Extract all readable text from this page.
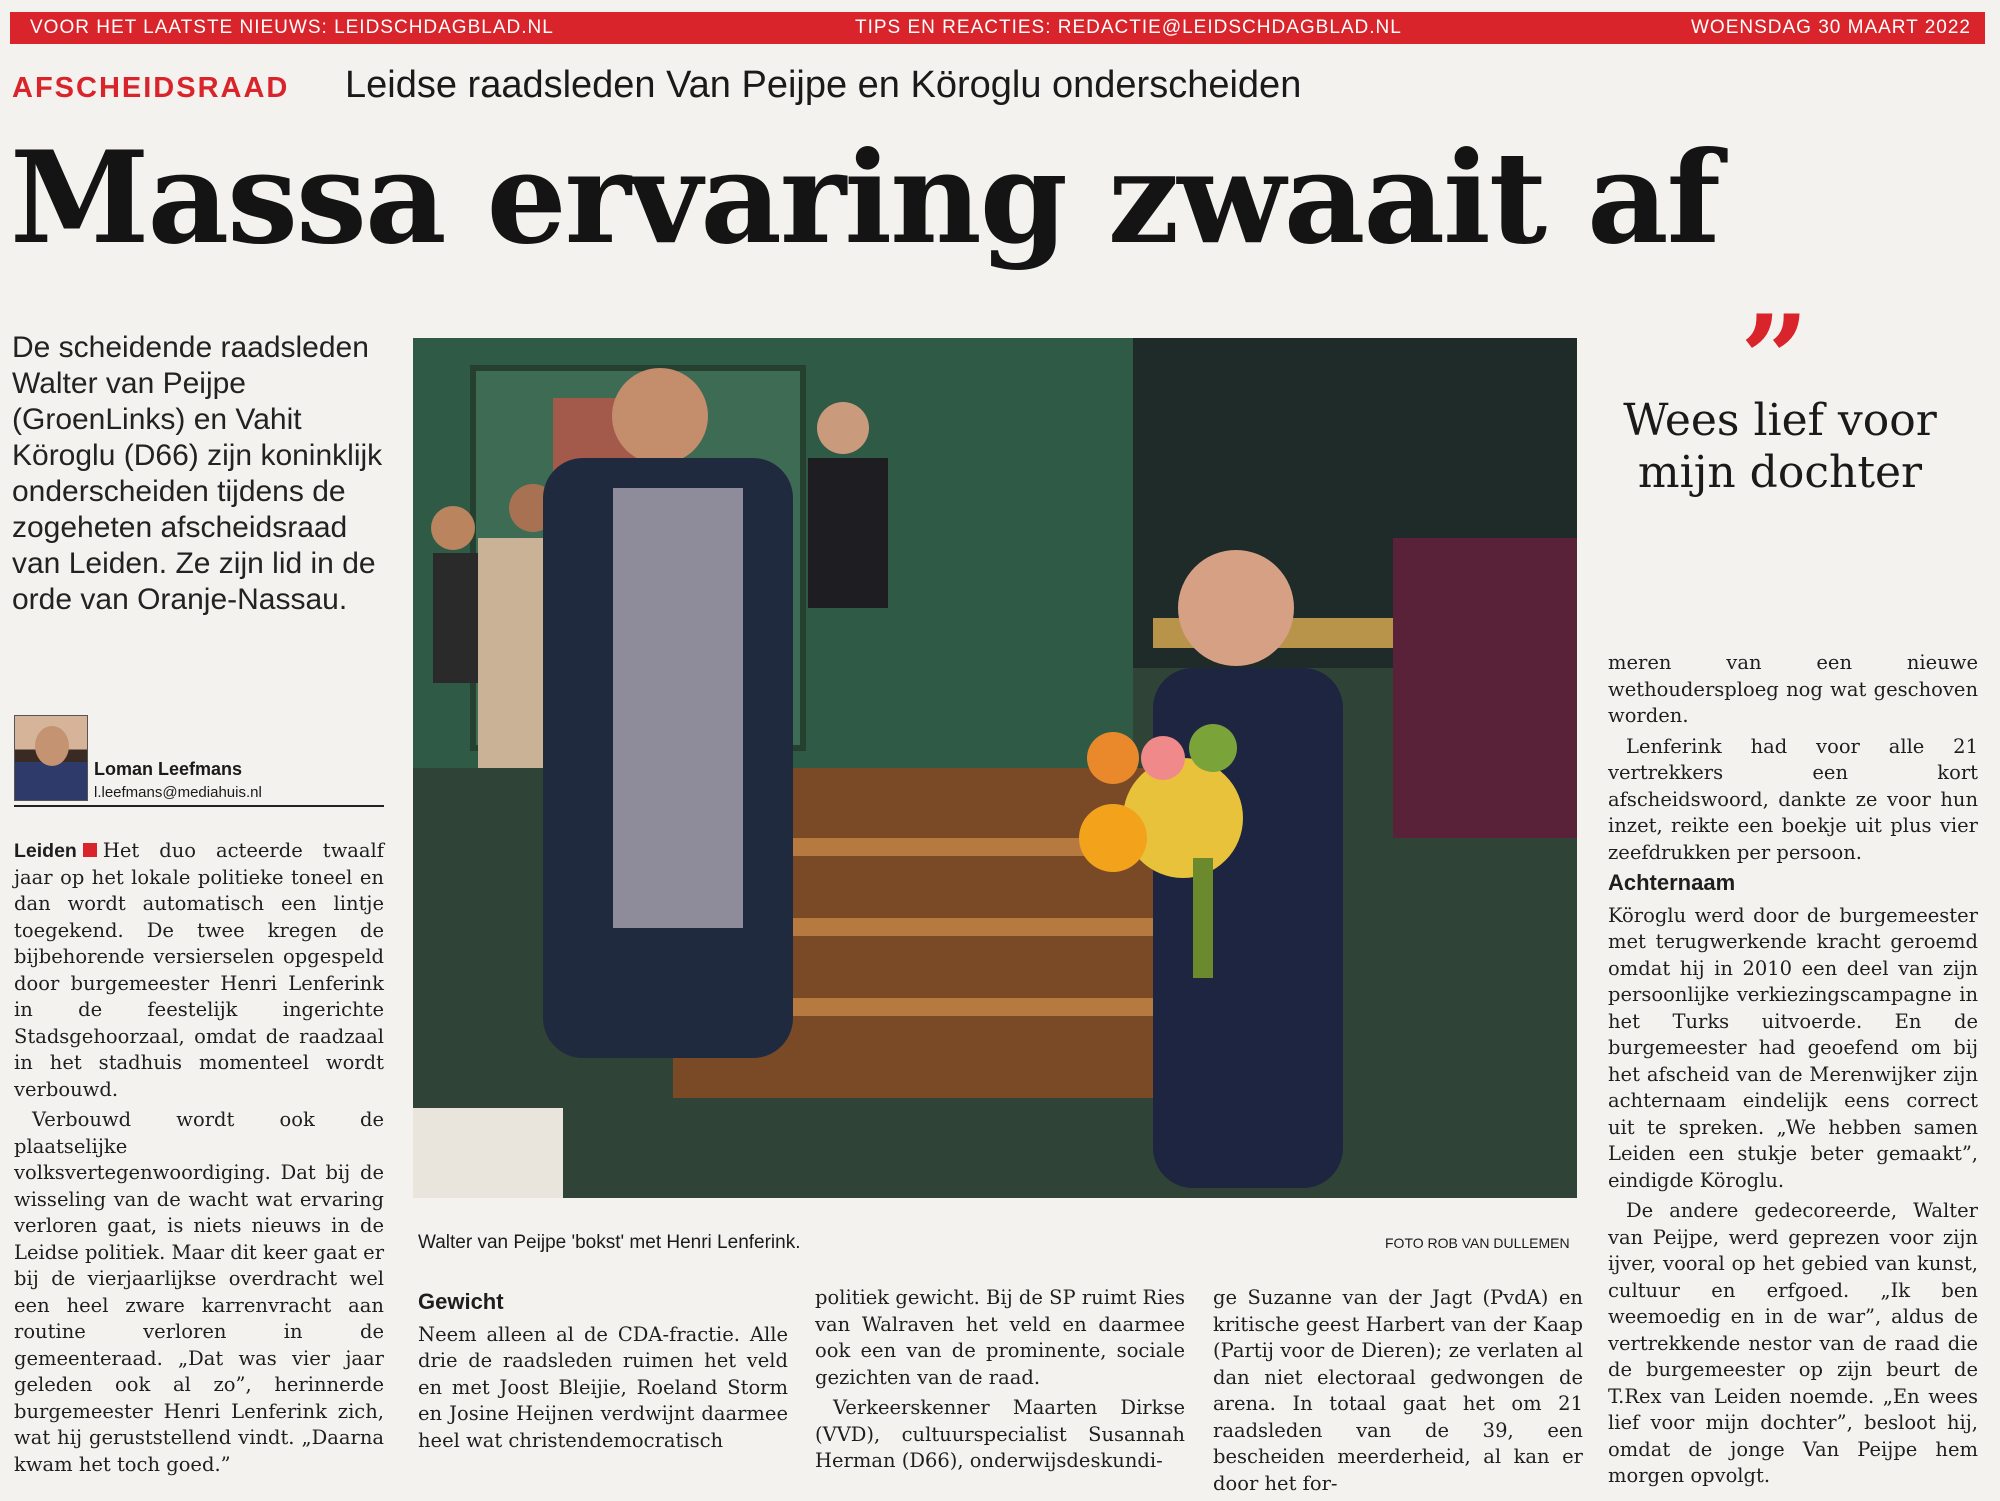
VOOR HET LAATSTE NIEUWS: LEIDSCHDAGBLAD.NL	TIPS EN REACTIES: REDACTIE@LEIDSCHDAGBLAD.NL	WOENSDAG 30 MAART 2022
AFSCHEIDSRAAD Leidse raadsleden Van Peijpe en Köroglu onderscheiden
Massa ervaring zwaait af
De scheidende raadsleden Walter van Peijpe (GroenLinks) en Vahit Köroglu (D66) zijn koninklijk onderscheiden tijdens de zogeheten afscheidsraad van Leiden. Ze zijn lid in de orde van Oranje-Nassau.
Loman Leefmans
l.leefmans@mediahuis.nl

Leiden Het duo acteerde twaalf jaar op het lokale politieke toneel en dan wordt automatisch een lintje toegekend. De twee kregen de bijbehorende versierselen opgespeld door burgemeester Henri Lenferink in de feestelijk ingerichte Stadsgehoorzaal, omdat de raadzaal in het stadhuis momenteel wordt verbouwd.

Verbouwd wordt ook de plaatselijke volksvertegenwoordiging. Dat bij de wisseling van de wacht wat ervaring verloren gaat, is niets nieuws in de Leidse politiek. Maar dit keer gaat er bij de vierjaarlijkse overdracht wel een heel zware karrenvracht aan routine verloren in de gemeenteraad. „Dat was vier jaar geleden ook al zo”, herinnerde burgemeester Henri Lenferink zich, wat hij geruststellend vindt. „Daarna kwam het toch goed.”

Walter van Peijpe 'bokst' met Henri Lenferink.	FOTO ROB VAN DULLEMEN
”
Wees lief voor mijn dochter
Gewicht

Neem alleen al de CDA-fractie. Alle drie de raadsleden ruimen het veld en met Joost Bleijie, Roeland Storm en Josine Heijnen verdwijnt daarmee heel wat christendemocratisch

politiek gewicht. Bij de SP ruimt Ries van Walraven het veld en daarmee ook een van de prominente, sociale gezichten van de raad.

Verkeerskenner Maarten Dirkse (VVD), cultuurspecialist Susannah Herman (D66), onderwijsdeskundi-

ge Suzanne van der Jagt (PvdA) en kritische geest Harbert van der Kaap (Partij voor de Dieren); ze verlaten al dan niet electoraal gedwongen de arena. In totaal gaat het om 21 raadsleden van de 39, een bescheiden meerderheid, al kan er door het for-

meren van een nieuwe wethoudersploeg nog wat geschoven worden.

Lenferink had voor alle 21 vertrekkers een kort afscheidswoord, dankte ze voor hun inzet, reikte een boekje uit plus vier zeefdrukken per persoon.

Achternaam

Köroglu werd door de burgemeester met terugwerkende kracht geroemd omdat hij in 2010 een deel van zijn persoonlijke verkiezingscampagne in het Turks uitvoerde. En de burgemeester had geoefend om bij het afscheid van de Merenwijker zijn achternaam eindelijk eens correct uit te spreken. „We hebben samen Leiden een stukje beter gemaakt”, eindigde Köroglu.

De andere gedecoreerde, Walter van Peijpe, werd geprezen voor zijn ijver, vooral op het gebied van kunst, cultuur en erfgoed. „Ik ben weemoedig en in de war”, aldus de vertrekkende nestor van de raad die de burgemeester op zijn beurt de T.Rex van Leiden noemde. „En wees lief voor mijn dochter”, besloot hij, omdat de jonge Van Peijpe hem morgen opvolgt.
